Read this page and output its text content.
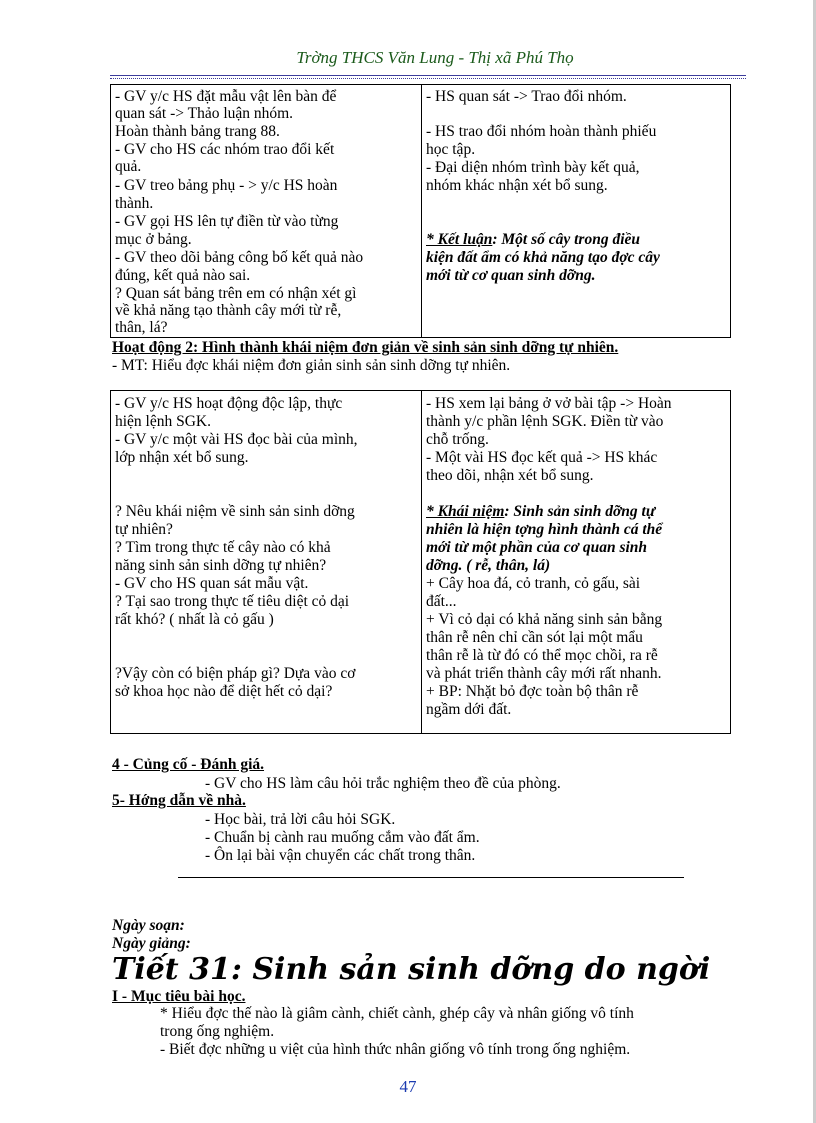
Trờng THCS Văn Lung - Thị xã Phú Thọ
- GV y/c HS đặt mẫu vật lên bàn để
quan sát -> Thảo luận nhóm.
Hoàn thành bảng trang 88.
- GV cho HS các nhóm trao đổi kết
quả.
- GV treo bảng phụ - > y/c HS hoàn
thành.
- GV gọi HS lên tự điền từ vào từng
mục ở bảng.
- GV theo dõi bảng công bố kết quả nào
đúng, kết quả nào sai.
? Quan sát bảng trên em có nhận xét gì
về khả năng tạo thành cây mới từ rễ,
thân, lá?
- HS quan sát -> Trao đổi nhóm.
- HS trao đổi nhóm hoàn thành phiếu
học tập.
- Đại diện nhóm trình bày kết quả,
nhóm khác nhận xét bổ sung.
* Kết luận: Một số cây trong điều
kiện đất ẩm có khả năng tạo đợc cây
mới từ cơ quan sinh dỡng.
Hoạt động 2: Hình thành khái niệm đơn giản về sinh sản sinh dỡng tự nhiên.
- MT: Hiểu đợc khái niệm đơn giản sinh sản sinh dỡng tự nhiên.
- GV y/c HS hoạt động độc lập, thực
hiện lệnh SGK.
- GV y/c một vài HS đọc bài của mình,
lớp nhận xét bổ sung.
? Nêu khái niệm về sinh sản sinh dỡng
tự nhiên?
? Tìm trong thực tế cây nào có khả
năng sinh sản sinh dỡng tự nhiên?
- GV cho HS quan sát mẫu vật.
? Tại sao trong thực tế tiêu diệt cỏ dại
rất khó? ( nhất là cỏ gấu )
?Vậy còn có biện pháp gì? Dựa vào cơ
sở khoa học nào để diệt hết cỏ dại?
- HS xem lại bảng ở vở bài tập -> Hoàn
thành y/c phần lệnh SGK. Điền từ vào
chỗ trống.
- Một vài HS đọc kết quả -> HS khác
theo dõi, nhận xét bổ sung.
* Khái niệm: Sinh sản sinh dỡng tự
nhiên là hiện tợng hình thành cá thể
mới từ một phần của cơ quan sinh
dỡng. ( rễ, thân, lá)
+ Cây hoa đá, cỏ tranh, cỏ gấu, sài
đất...
+ Vì cỏ dại có khả năng sinh sản bằng
thân rễ nên chỉ cần sót lại một mẩu
thân rễ là từ đó có thể mọc chồi, ra rễ
và phát triển thành cây mới rất nhanh.
+ BP: Nhặt bỏ đợc toàn bộ thân rễ
ngầm dới đất.
4 - Củng cố - Đánh giá.
- GV cho HS làm câu hỏi trắc nghiệm theo đề của phòng.
5- Hớng dẫn về nhà.
- Học bài, trả lời câu hỏi SGK.
- Chuẩn bị cành rau muống cắm vào đất ẩm.
- Ôn lại bài vận chuyển các chất trong thân.
Ngày soạn:
Ngày giảng:
Tiết 31: Sinh sản sinh dỡng do ngời
I - Mục tiêu bài học.
* Hiểu đợc thế nào là giâm cành, chiết cành, ghép cây và nhân giống vô tính
trong ống nghiệm.
- Biết đợc những u việt của hình thức nhân giống vô tính trong ống nghiệm.
47
